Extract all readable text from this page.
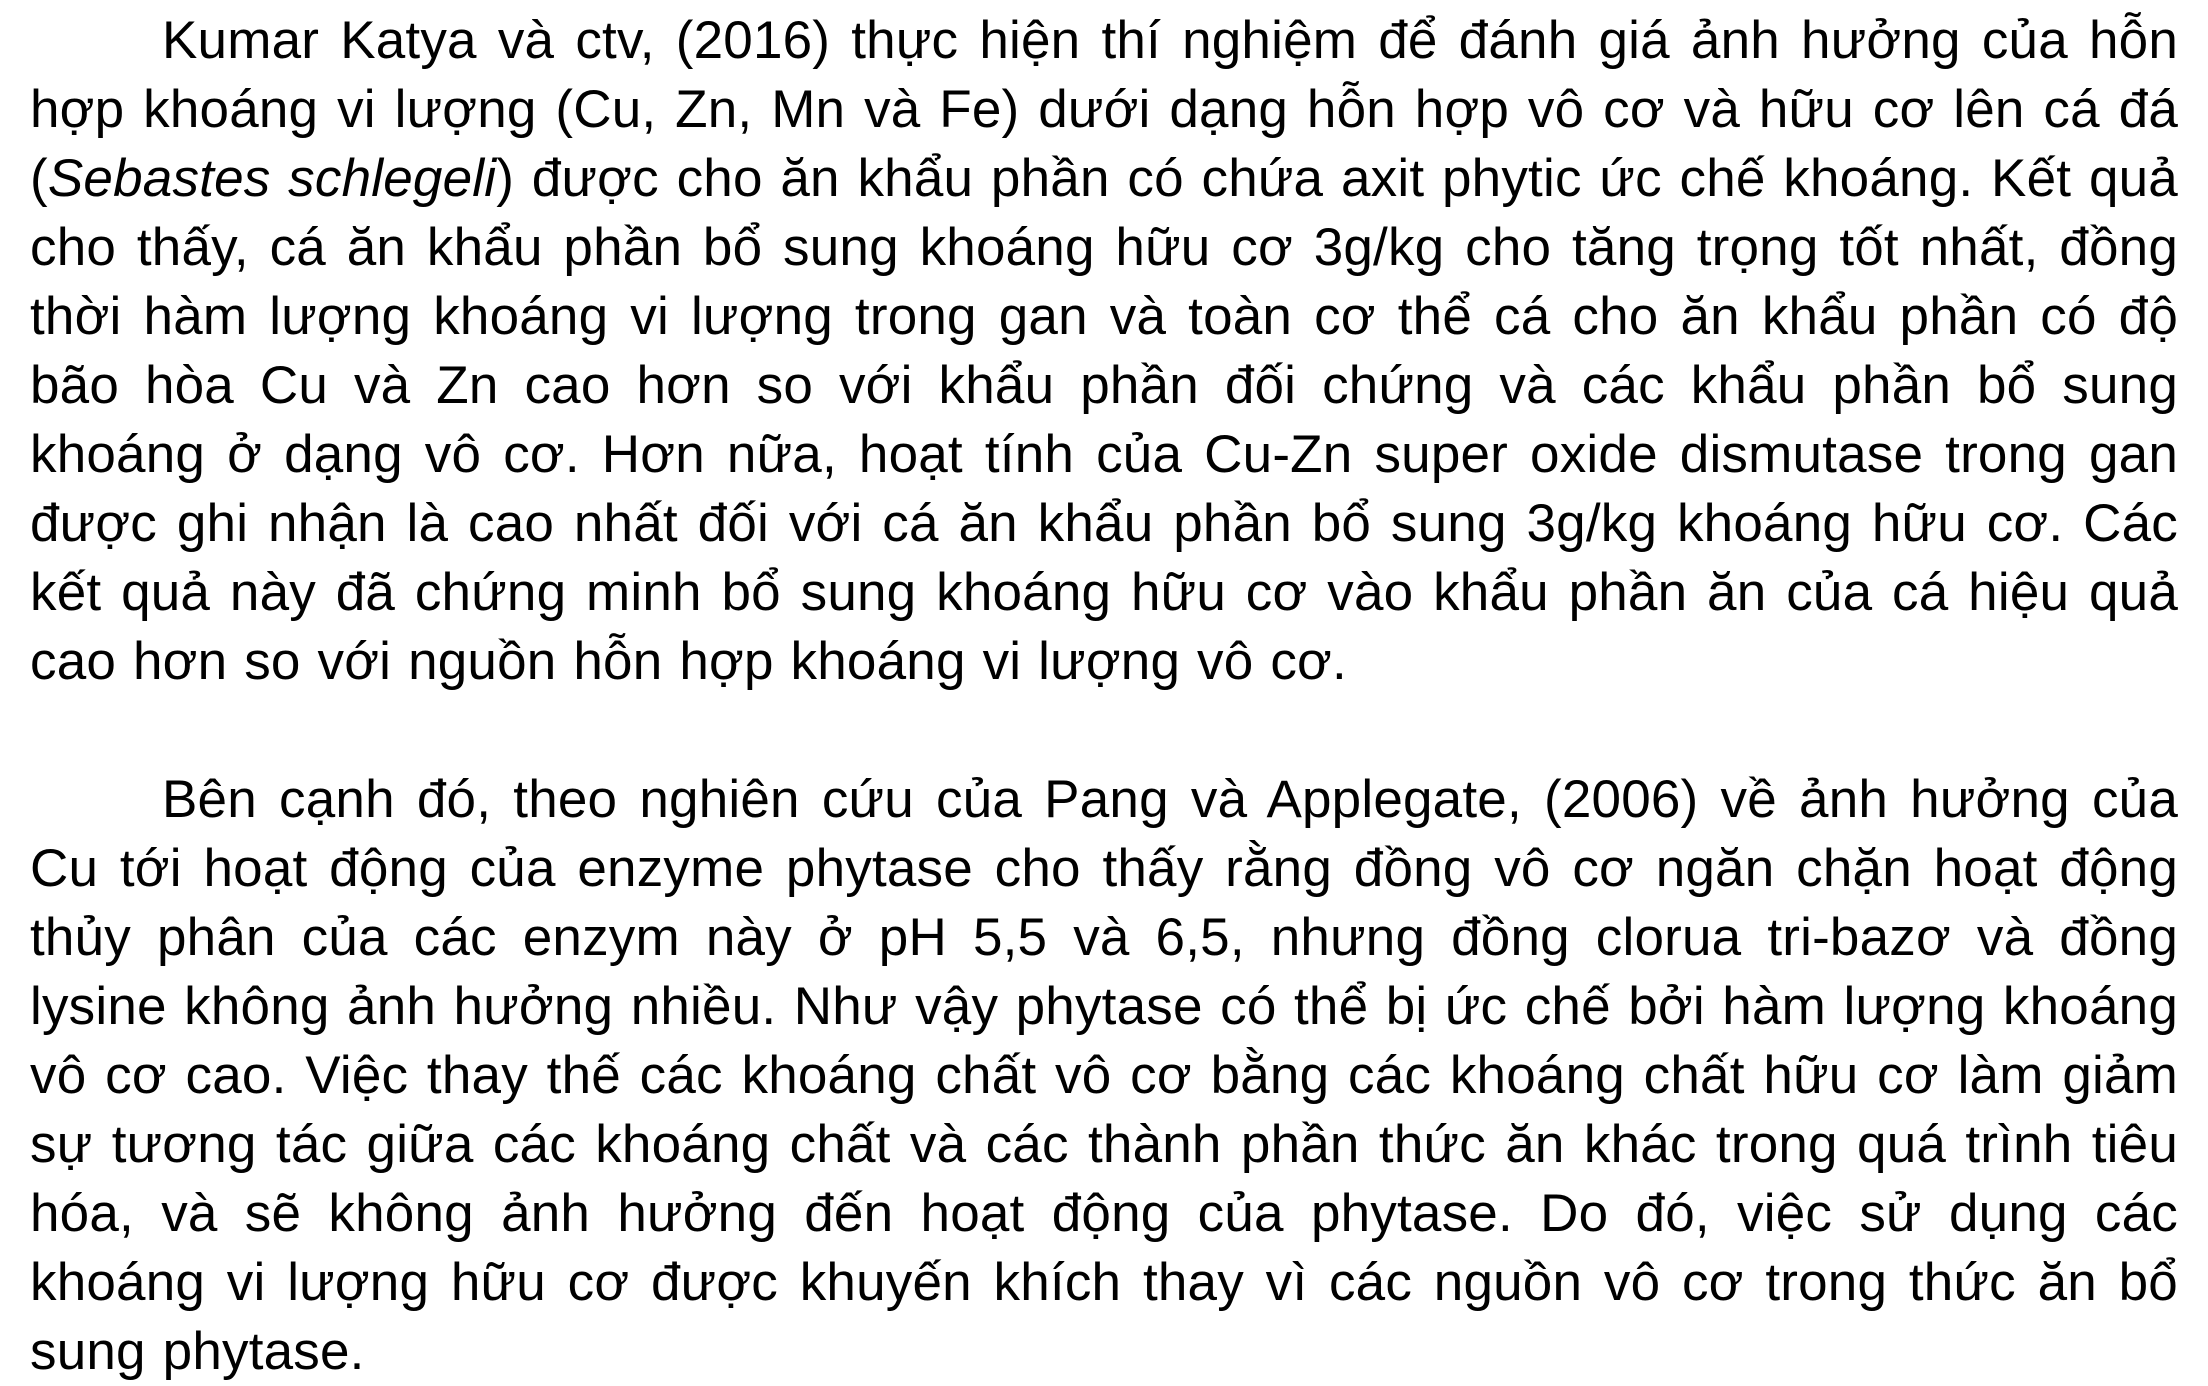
Kumar Katya và ctv, (2016) thực hiện thí nghiệm để đánh giá ảnh hưởng của hỗn hợp khoáng vi lượng (Cu, Zn, Mn và Fe) dưới dạng hỗn hợp vô cơ và hữu cơ lên cá đá (Sebastes schlegeli) được cho ăn khẩu phần có chứa axit phytic ức chế khoáng. Kết quả cho thấy, cá ăn khẩu phần bổ sung khoáng hữu cơ 3g/kg cho tăng trọng tốt nhất, đồng thời hàm lượng khoáng vi lượng trong gan và toàn cơ thể cá cho ăn khẩu phần có độ bão hòa Cu và Zn cao hơn so với khẩu phần đối chứng và các khẩu phần bổ sung khoáng ở dạng vô cơ. Hơn nữa, hoạt tính của Cu-Zn super oxide dismutase trong gan được ghi nhận là cao nhất đối với cá ăn khẩu phần bổ sung 3g/kg khoáng hữu cơ. Các kết quả này đã chứng minh bổ sung khoáng hữu cơ vào khẩu phần ăn của cá hiệu quả cao hơn so với nguồn hỗn hợp khoáng vi lượng vô cơ.

Bên cạnh đó, theo nghiên cứu của Pang và Applegate, (2006) về ảnh hưởng của Cu tới hoạt động của enzyme phytase cho thấy rằng đồng vô cơ ngăn chặn hoạt động thủy phân của các enzym này ở pH 5,5 và 6,5, nhưng đồng clorua tri-bazơ và đồng lysine không ảnh hưởng nhiều. Như vậy phytase có thể bị ức chế bởi hàm lượng khoáng vô cơ cao. Việc thay thế các khoáng chất vô cơ bằng các khoáng chất hữu cơ làm giảm sự tương tác giữa các khoáng chất và các thành phần thức ăn khác trong quá trình tiêu hóa, và sẽ không ảnh hưởng đến hoạt động của phytase. Do đó, việc sử dụng các khoáng vi lượng hữu cơ được khuyến khích thay vì các nguồn vô cơ trong thức ăn bổ sung phytase.
